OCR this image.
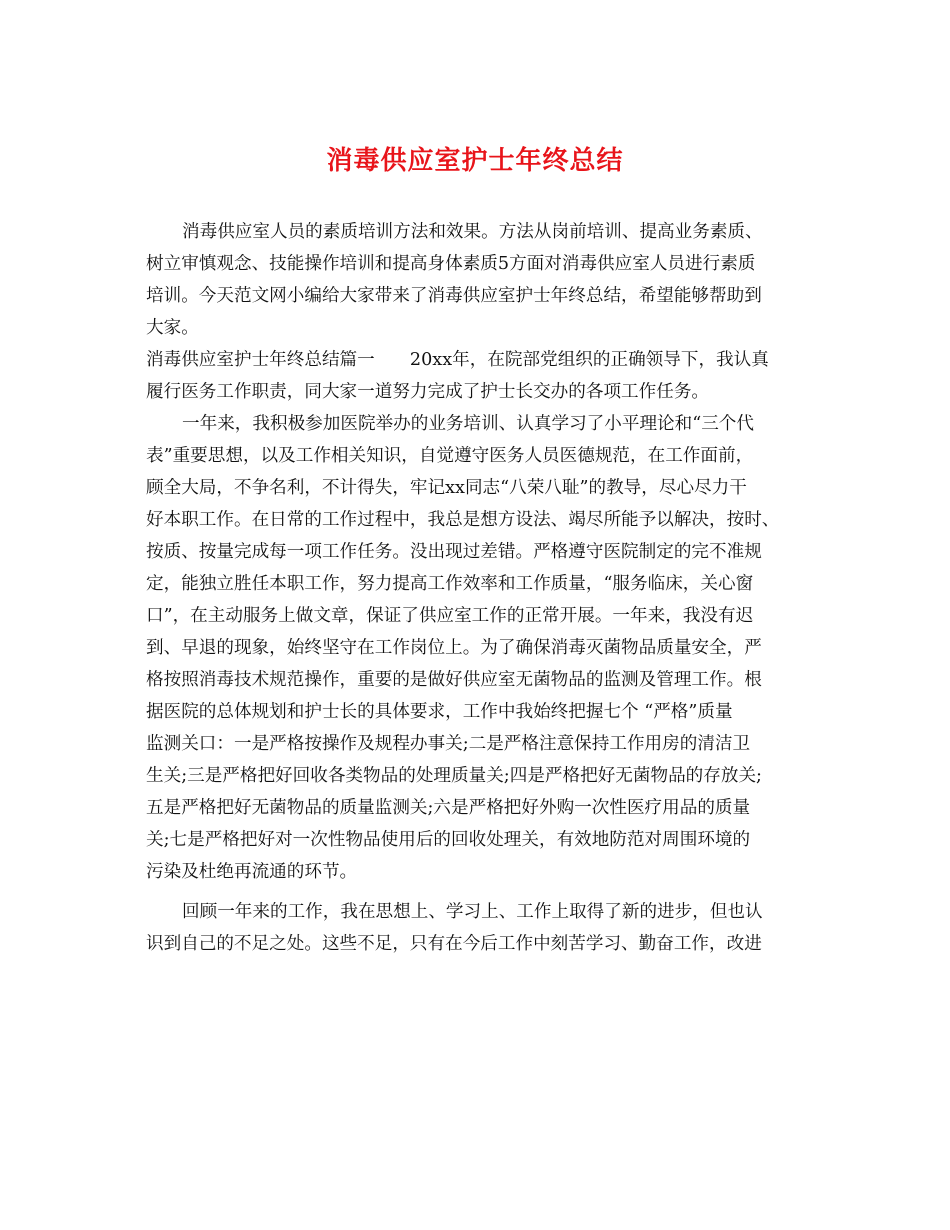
消毒供应室护士年终总结

消毒供应室人员的素质培训方法和效果。方法从岗前培训、提高业务素质、
树立审慎观念、技能操作培训和提高身体素质5方面对消毒供应室人员进行素质
培训。今天范文网小编给大家带来了消毒供应室护士年终总结，希望能够帮助到
大家。

消毒供应室护士年终总结篇一　　20xx年，在院部党组织的正确领导下，我认真
履行医务工作职责，同大家一道努力完成了护士长交办的各项工作任务。

一年来，我积极参加医院举办的业务培训、认真学习了小平理论和“三个代
表”重要思想，以及工作相关知识，自觉遵守医务人员医德规范，在工作面前，
顾全大局，不争名利，不计得失，牢记xx同志“八荣八耻”的教导，尽心尽力干
好本职工作。在日常的工作过程中，我总是想方设法、竭尽所能予以解决，按时、
按质、按量完成每一项工作任务。没出现过差错。严格遵守医院制定的完不准规
定，能独立胜任本职工作，努力提高工作效率和工作质量，“服务临床，关心窗
口”，在主动服务上做文章，保证了供应室工作的正常开展。一年来，我没有迟
到、早退的现象，始终坚守在工作岗位上。为了确保消毒灭菌物品质量安全，严
格按照消毒技术规范操作，重要的是做好供应室无菌物品的监测及管理工作。根
据医院的总体规划和护士长的具体要求，工作中我始终把握七个 “严格”质量
监测关口：一是严格按操作及规程办事关;二是严格注意保持工作用房的清洁卫
生关;三是严格把好回收各类物品的处理质量关;四是严格把好无菌物品的存放关;
五是严格把好无菌物品的质量监测关;六是严格把好外购一次性医疗用品的质量
关;七是严格把好对一次性物品使用后的回收处理关，有效地防范对周围环境的
污染及杜绝再流通的环节。

回顾一年来的工作，我在思想上、学习上、工作上取得了新的进步，但也认
识到自己的不足之处。这些不足，只有在今后工作中刻苦学习、勤奋工作，改进
